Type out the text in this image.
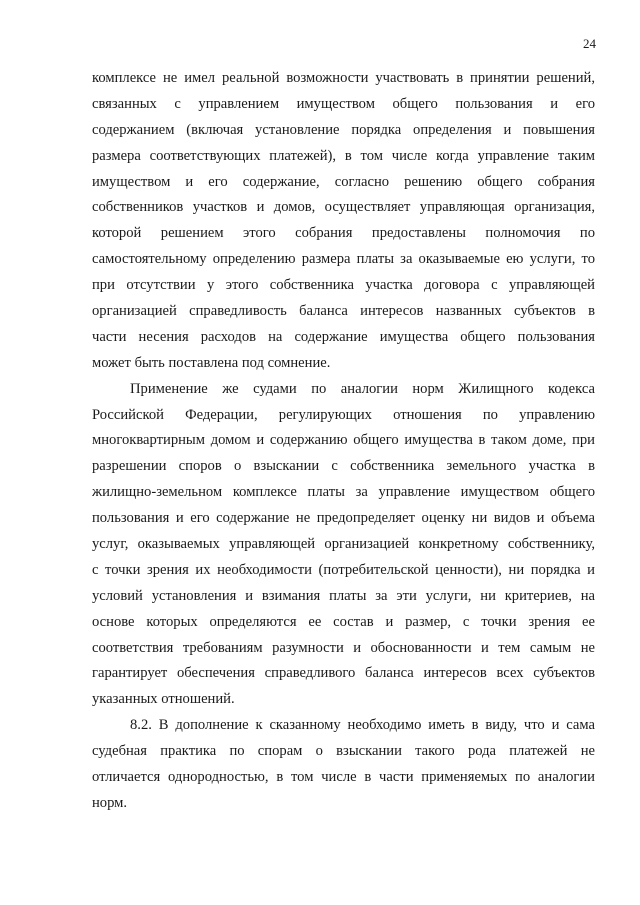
24
комплексе не имел реальной возможности участвовать в принятии решений,
связанных с управлением имуществом общего пользования и его
содержанием (включая установление порядка определения и повышения
размера соответствующих платежей), в том числе когда управление таким
имуществом и его содержание, согласно решению общего собрания
собственников участков и домов, осуществляет управляющая организация,
которой решением этого собрания предоставлены полномочия по
самостоятельному определению размера платы за оказываемые ею услуги, то
при отсутствии у этого собственника участка договора с управляющей
организацией справедливость баланса интересов названных субъектов в
части несения расходов на содержание имущества общего пользования
может быть поставлена под сомнение.
Применение же судами по аналогии норм Жилищного кодекса
Российской Федерации, регулирующих отношения по управлению
многоквартирным домом и содержанию общего имущества в таком доме, при
разрешении споров о взыскании с собственника земельного участка в
жилищно-земельном комплексе платы за управление имуществом общего
пользования и его содержание не предопределяет оценку ни видов и объема
услуг, оказываемых управляющей организацией конкретному собственнику,
с точки зрения их необходимости (потребительской ценности), ни порядка и
условий установления и взимания платы за эти услуги, ни критериев, на
основе которых определяются ее состав и размер, с точки зрения ее
соответствия требованиям разумности и обоснованности и тем самым не
гарантирует обеспечения справедливого баланса интересов всех субъектов
указанных отношений.
8.2. В дополнение к сказанному необходимо иметь в виду, что и сама
судебная практика по спорам о взыскании такого рода платежей не
отличается однородностью, в том числе в части применяемых по аналогии
норм.
